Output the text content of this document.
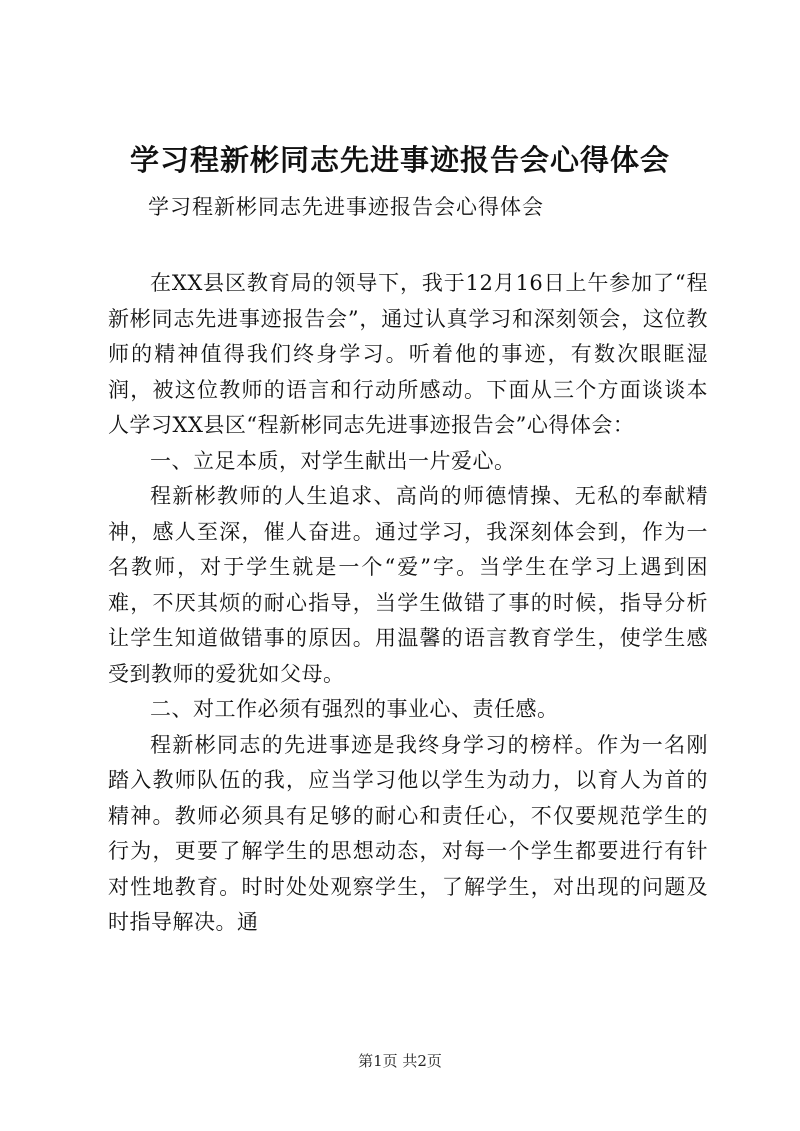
学习程新彬同志先进事迹报告会心得体会

学习程新彬同志先进事迹报告会心得体会

在XX县区教育局的领导下，我于12月16日上午参加了“程新彬同志先进事迹报告会”，通过认真学习和深刻领会，这位教师的精神值得我们终身学习。听着他的事迹，有数次眼眶湿润，被这位教师的语言和行动所感动。下面从三个方面谈谈本人学习XX县区“程新彬同志先进事迹报告会”心得体会：

一、立足本质，对学生献出一片爱心。

程新彬教师的人生追求、高尚的师德情操、无私的奉献精神，感人至深，催人奋进。通过学习，我深刻体会到，作为一名教师，对于学生就是一个“爱”字。当学生在学习上遇到困难，不厌其烦的耐心指导，当学生做错了事的时候，指导分析让学生知道做错事的原因。用温馨的语言教育学生，使学生感受到教师的爱犹如父母。

二、对工作必须有强烈的事业心、责任感。

程新彬同志的先进事迹是我终身学习的榜样。作为一名刚踏入教师队伍的我，应当学习他以学生为动力，以育人为首的精神。教师必须具有足够的耐心和责任心，不仅要规范学生的行为，更要了解学生的思想动态，对每一个学生都要进行有针对性地教育。时时处处观察学生，了解学生，对出现的问题及时指导解决。通

第1页 共2页
